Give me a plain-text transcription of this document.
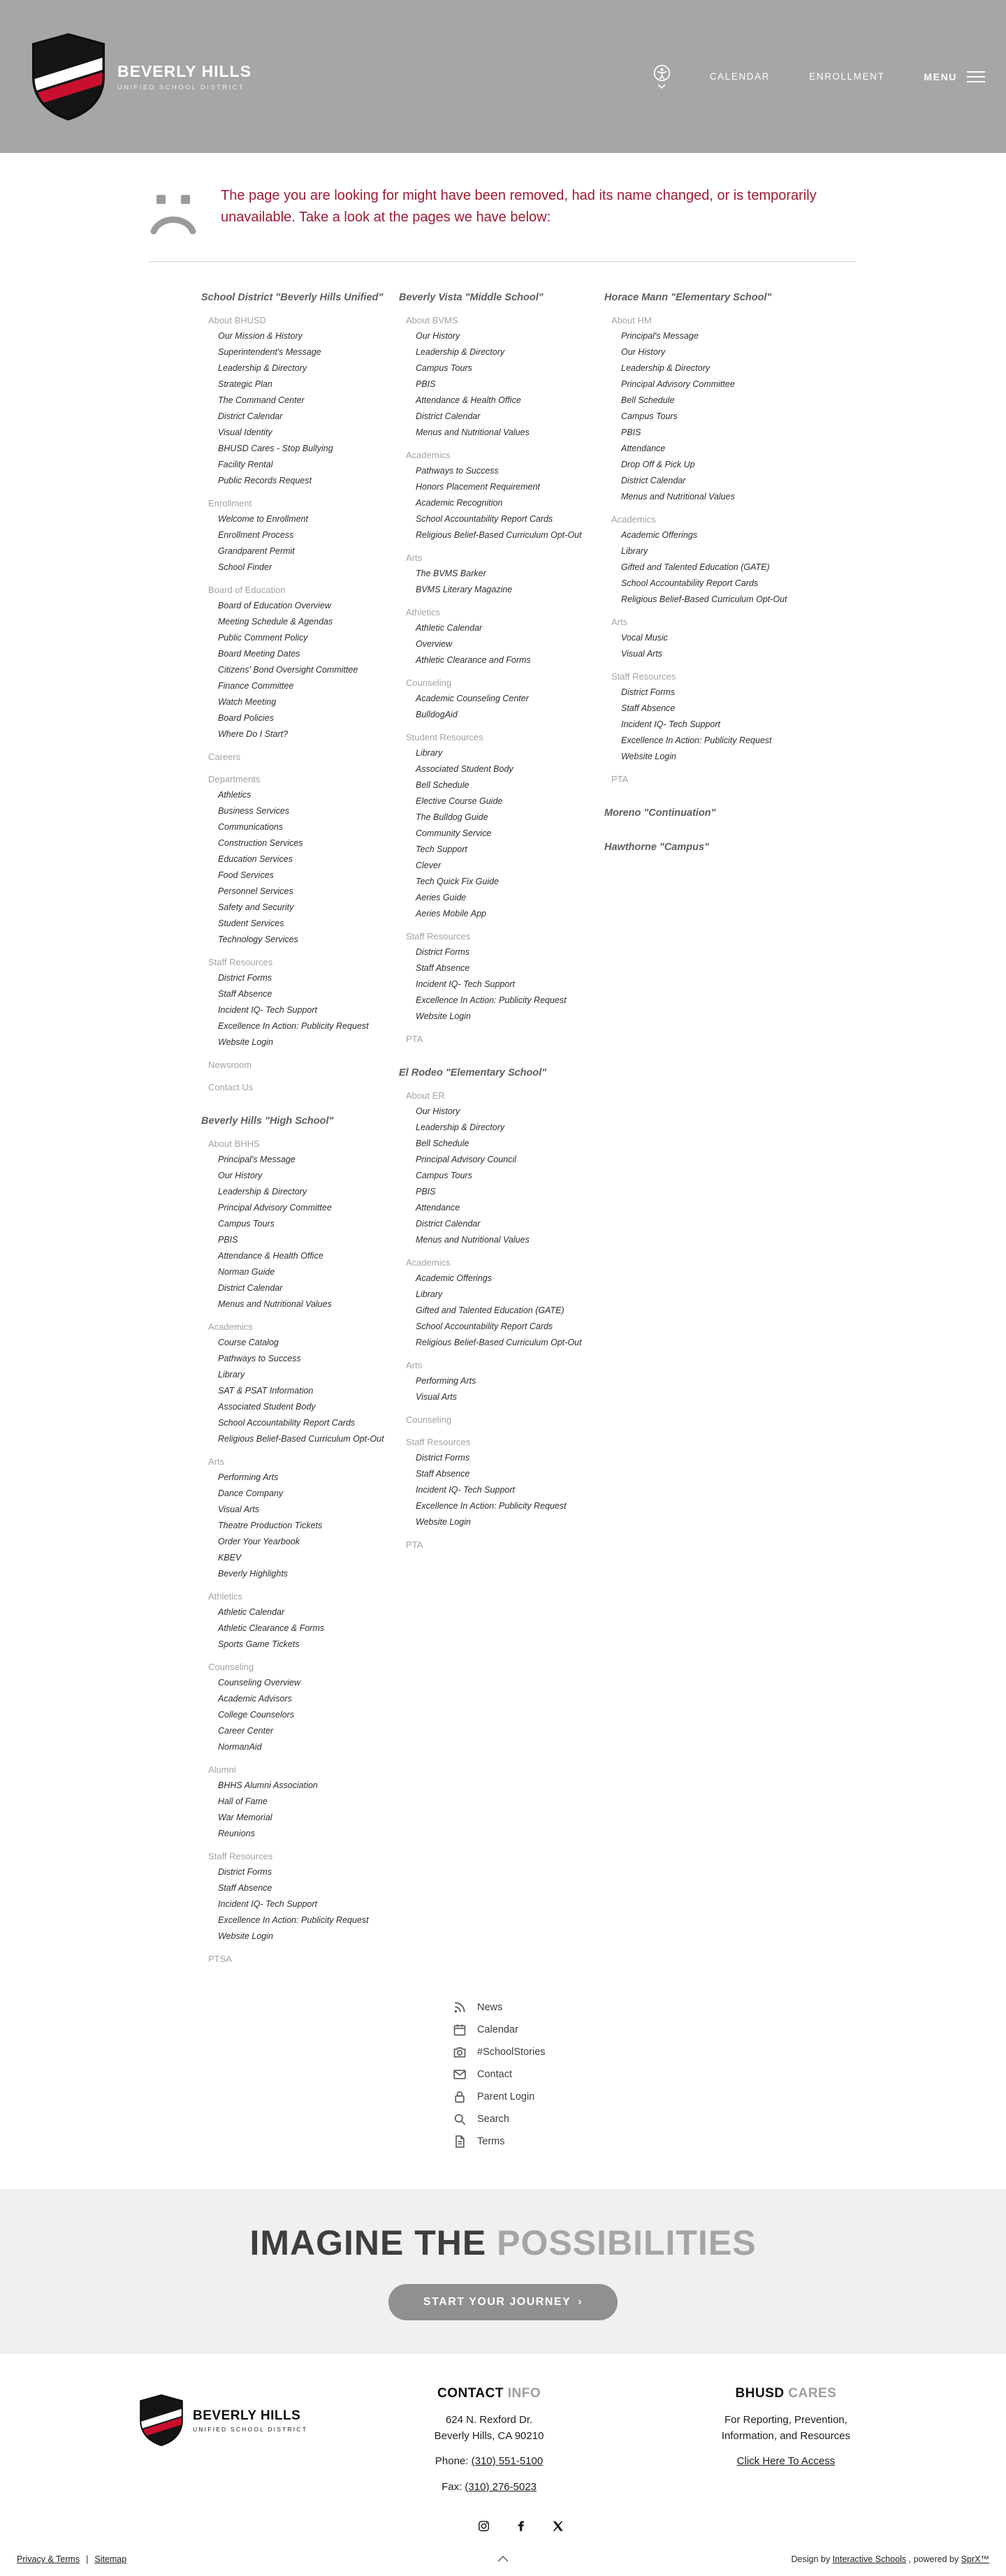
BEVERLY HILLS
UNIFIED SCHOOL DISTRICT
CALENDAR	ENROLLMENT	MENU

The page you are looking for might have been removed, had its name changed, or is temporarily unavailable. Take a look at the pages we have below:

School District "Beverly Hills Unified"
About BHUSD
Our Mission & History
Superintendent's Message
Leadership & Directory
Strategic Plan
The Command Center
District Calendar
Visual Identity
BHUSD Cares - Stop Bullying
Facility Rental
Public Records Request
Enrollment
Welcome to Enrollment
Enrollment Process
Grandparent Permit
School Finder
Board of Education
Board of Education Overview
Meeting Schedule & Agendas
Public Comment Policy
Board Meeting Dates
Citizens' Bond Oversight Committee
Finance Committee
Watch Meeting
Board Policies
Where Do I Start?
Careers
Departments
Athletics
Business Services
Communications
Construction Services
Education Services
Food Services
Personnel Services
Safety and Security
Student Services
Technology Services
Staff Resources
District Forms
Staff Absence
Incident IQ- Tech Support
Excellence In Action: Publicity Request
Website Login
Newsroom
Contact Us
Beverly Hills "High School"
About BHHS
Principal's Message
Our History
Leadership & Directory
Principal Advisory Committee
Campus Tours
PBIS
Attendance & Health Office
Norman Guide
District Calendar
Menus and Nutritional Values
Academics
Course Catalog
Pathways to Success
Library
SAT & PSAT Information
Associated Student Body
School Accountability Report Cards
Religious Belief-Based Curriculum Opt-Out
Arts
Performing Arts
Dance Company
Visual Arts
Theatre Production Tickets
Order Your Yearbook
KBEV
Beverly Highlights
Athletics
Athletic Calendar
Athletic Clearance & Forms
Sports Game Tickets
Counseling
Counseling Overview
Academic Advisors
College Counselors
Career Center
NormanAid
Alumni
BHHS Alumni Association
Hall of Fame
War Memorial
Reunions
Staff Resources
District Forms
Staff Absence
Incident IQ- Tech Support
Excellence In Action: Publicity Request
Website Login
PTSA
Beverly Vista "Middle School"
About BVMS
Our History
Leadership & Directory
Campus Tours
PBIS
Attendance & Health Office
District Calendar
Menus and Nutritional Values
Academics
Pathways to Success
Honors Placement Requirement
Academic Recognition
School Accountability Report Cards
Religious Belief-Based Curriculum Opt-Out
Arts
The BVMS Barker
BVMS Literary Magazine
Athletics
Athletic Calendar
Overview
Athletic Clearance and Forms
Counseling
Academic Counseling Center
BulldogAid
Student Resources
Library
Associated Student Body
Bell Schedule
Elective Course Guide
The Bulldog Guide
Community Service
Tech Support
Clever
Tech Quick Fix Guide
Aeries Guide
Aeries Mobile App
Staff Resources
District Forms
Staff Absence
Incident IQ- Tech Support
Excellence In Action: Publicity Request
Website Login
PTA
El Rodeo "Elementary School"
About ER
Our History
Leadership & Directory
Bell Schedule
Principal Advisory Council
Campus Tours
PBIS
Attendance
District Calendar
Menus and Nutritional Values
Academics
Academic Offerings
Library
Gifted and Talented Education (GATE)
School Accountability Report Cards
Religious Belief-Based Curriculum Opt-Out
Arts
Performing Arts
Visual Arts
Counseling
Staff Resources
District Forms
Staff Absence
Incident IQ- Tech Support
Excellence In Action: Publicity Request
Website Login
PTA
Horace Mann "Elementary School"
About HM
Principal's Message
Our History
Leadership & Directory
Principal Advisory Committee
Bell Schedule
Campus Tours
PBIS
Attendance
Drop Off & Pick Up
District Calendar
Menus and Nutritional Values
Academics
Academic Offerings
Library
Gifted and Talented Education (GATE)
School Accountability Report Cards
Religious Belief-Based Curriculum Opt-Out
Arts
Vocal Music
Visual Arts
Staff Resources
District Forms
Staff Absence
Incident IQ- Tech Support
Excellence In Action: Publicity Request
Website Login
PTA
Moreno "Continuation"
Hawthorne "Campus"
News
Calendar
#SchoolStories
Contact
Parent Login
Search
Terms
IMAGINE THE POSSIBILITIES
START YOUR JOURNEY ›
BEVERLY HILLS
UNIFIED SCHOOL DISTRICT
CONTACT INFO

624 N. Rexford Dr.

Beverly Hills, CA 90210

Phone: (310) 551-5100

Fax: (310) 276-5023

BHUSD CARES

For Reporting, Prevention,

Information, and Resources

Click Here To Access

Privacy & Terms | Sitemap	Design by Interactive Schools , powered by SprX™
